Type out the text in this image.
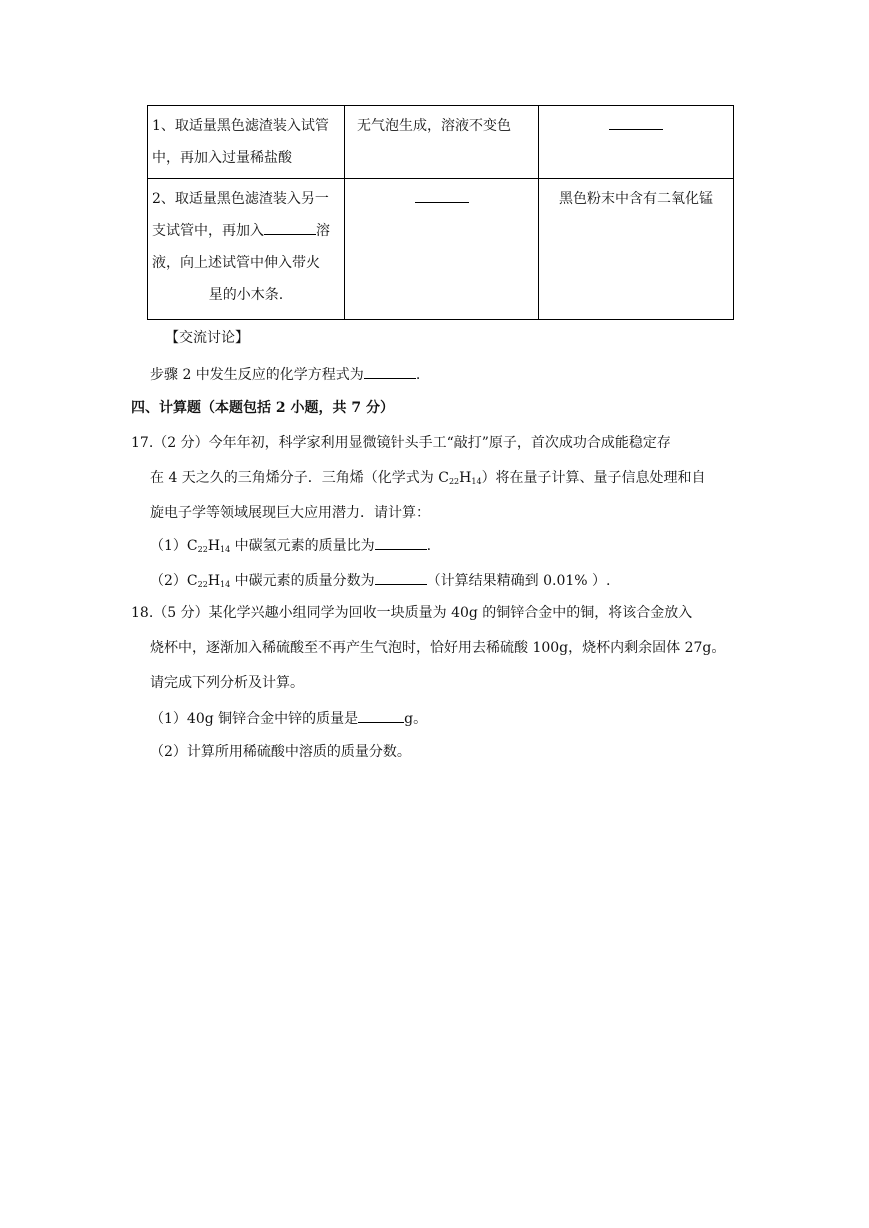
1、取适量黑色滤渣装入试管
中，再加入过量稀盐酸	无气泡生成，溶液不变色	

2、取适量黑色滤渣装入另一
支试管中，再加入 溶
液，向上述试管中伸入带火
星的小木条.		黑色粉末中含有二氧化锰
【交流讨论】
步骤 2 中发生反应的化学方程式为	.
四、计算题（本题包括 2 小题，共 7 分）
17.（2 分）今年年初，科学家利用显微镜针头手工“敲打”原子，首次成功合成能稳定存
在 4 天之久的三角烯分子．三角烯（化学式为 $C_{22}H_{14}$）将在量子计算、量子信息处理和自
旋电子学等领域展现巨大应用潜力．请计算：
$(1)C_{22}H_{14}$ 中碳氢元素的质量比为	.
$(2)C_{22}H_{14}$ 中碳元素的质量分数为	（计算结果精确到 0.01% ）.
18.（5 分）某化学兴趣小组同学为回收一块质量为 40g 的铜锌合金中的铜，将该合金放入
烧杯中，逐渐加入稀硫酸至不再产生气泡时，恰好用去稀硫酸 100g，烧杯内剩余固体 27g。
请完成下列分析及计算。
（1）40g 铜锌合金中锌的质量是	g。
（2）计算所用稀硫酸中溶质的质量分数。
